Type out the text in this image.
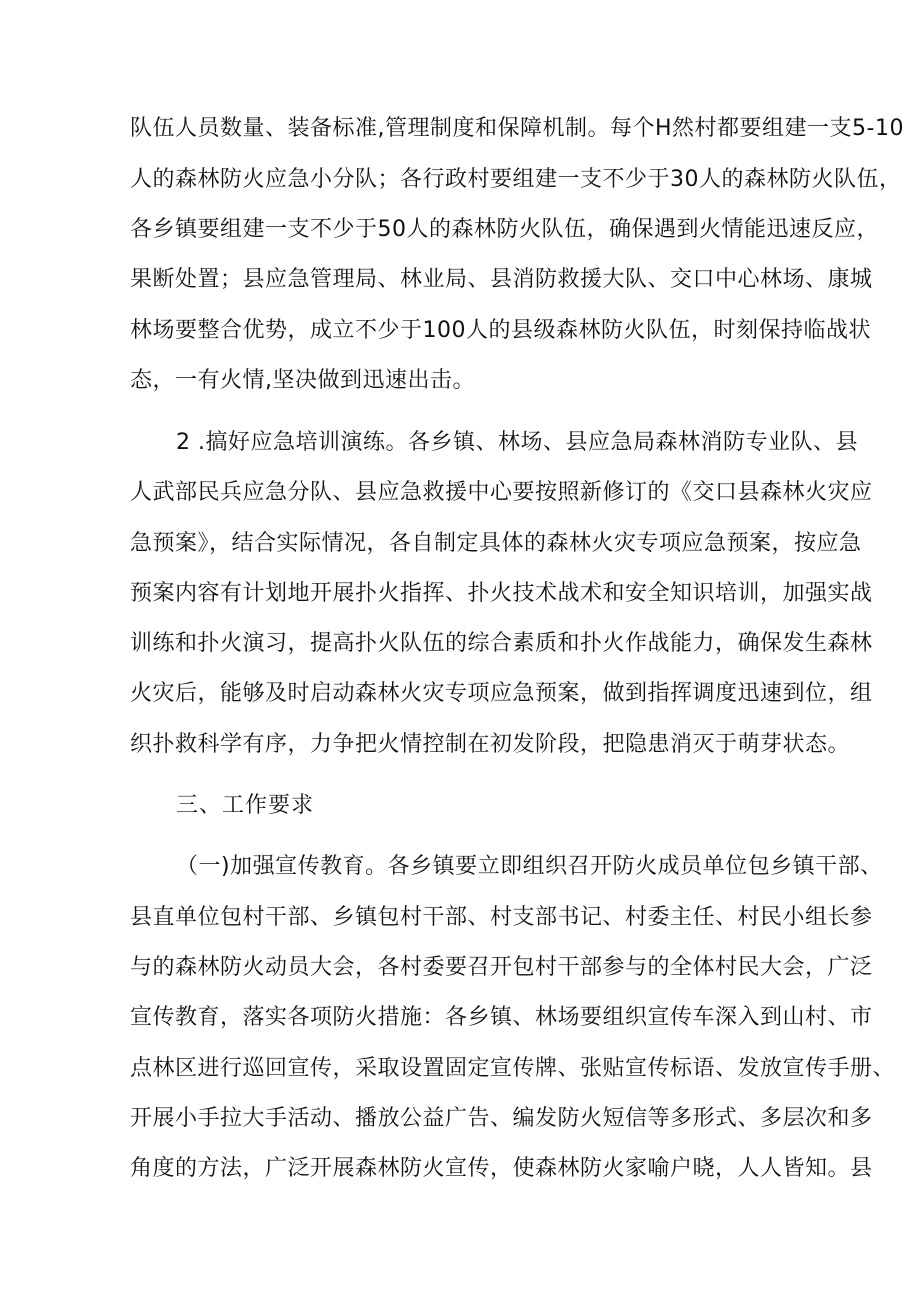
队伍人员数量、装备标准,管理制度和保障机制。每个H然村都要组建一支5-10
人的森林防火应急小分队；各行政村要组建一支不少于30人的森林防火队伍，
各乡镇要组建一支不少于50人的森林防火队伍，确保遇到火情能迅速反应，
果断处置；县应急管理局、林业局、县消防救援大队、交口中心林场、康城
林场要整合优势，成立不少于100人的县级森林防火队伍，时刻保持临战状
态，一有火情,坚决做到迅速出击。
2 .搞好应急培训演练。各乡镇、林场、县应急局森林消防专业队、县
人武部民兵应急分队、县应急救援中心要按照新修订的《交口县森林火灾应
急预案》，结合实际情况，各自制定具体的森林火灾专项应急预案，按应急
预案内容有计划地开展扑火指挥、扑火技术战术和安全知识培训，加强实战
训练和扑火演习，提高扑火队伍的综合素质和扑火作战能力，确保发生森林
火灾后，能够及时启动森林火灾专项应急预案，做到指挥调度迅速到位，组
织扑救科学有序，力争把火情控制在初发阶段，把隐患消灭于萌芽状态。
三、工作要求
（一)加强宣传教育。各乡镇要立即组织召开防火成员单位包乡镇干部、
县直单位包村干部、乡镇包村干部、村支部书记、村委主任、村民小组长参
与的森林防火动员大会，各村委要召开包村干部参与的全体村民大会，广泛
宣传教育，落实各项防火措施：各乡镇、林场要组织宣传车深入到山村、市
点林区进行巡回宣传，采取设置固定宣传牌、张贴宣传标语、发放宣传手册、
开展小手拉大手活动、播放公益广告、编发防火短信等多形式、多层次和多
角度的方法，广泛开展森林防火宣传，使森林防火家喻户晓，人人皆知。县
